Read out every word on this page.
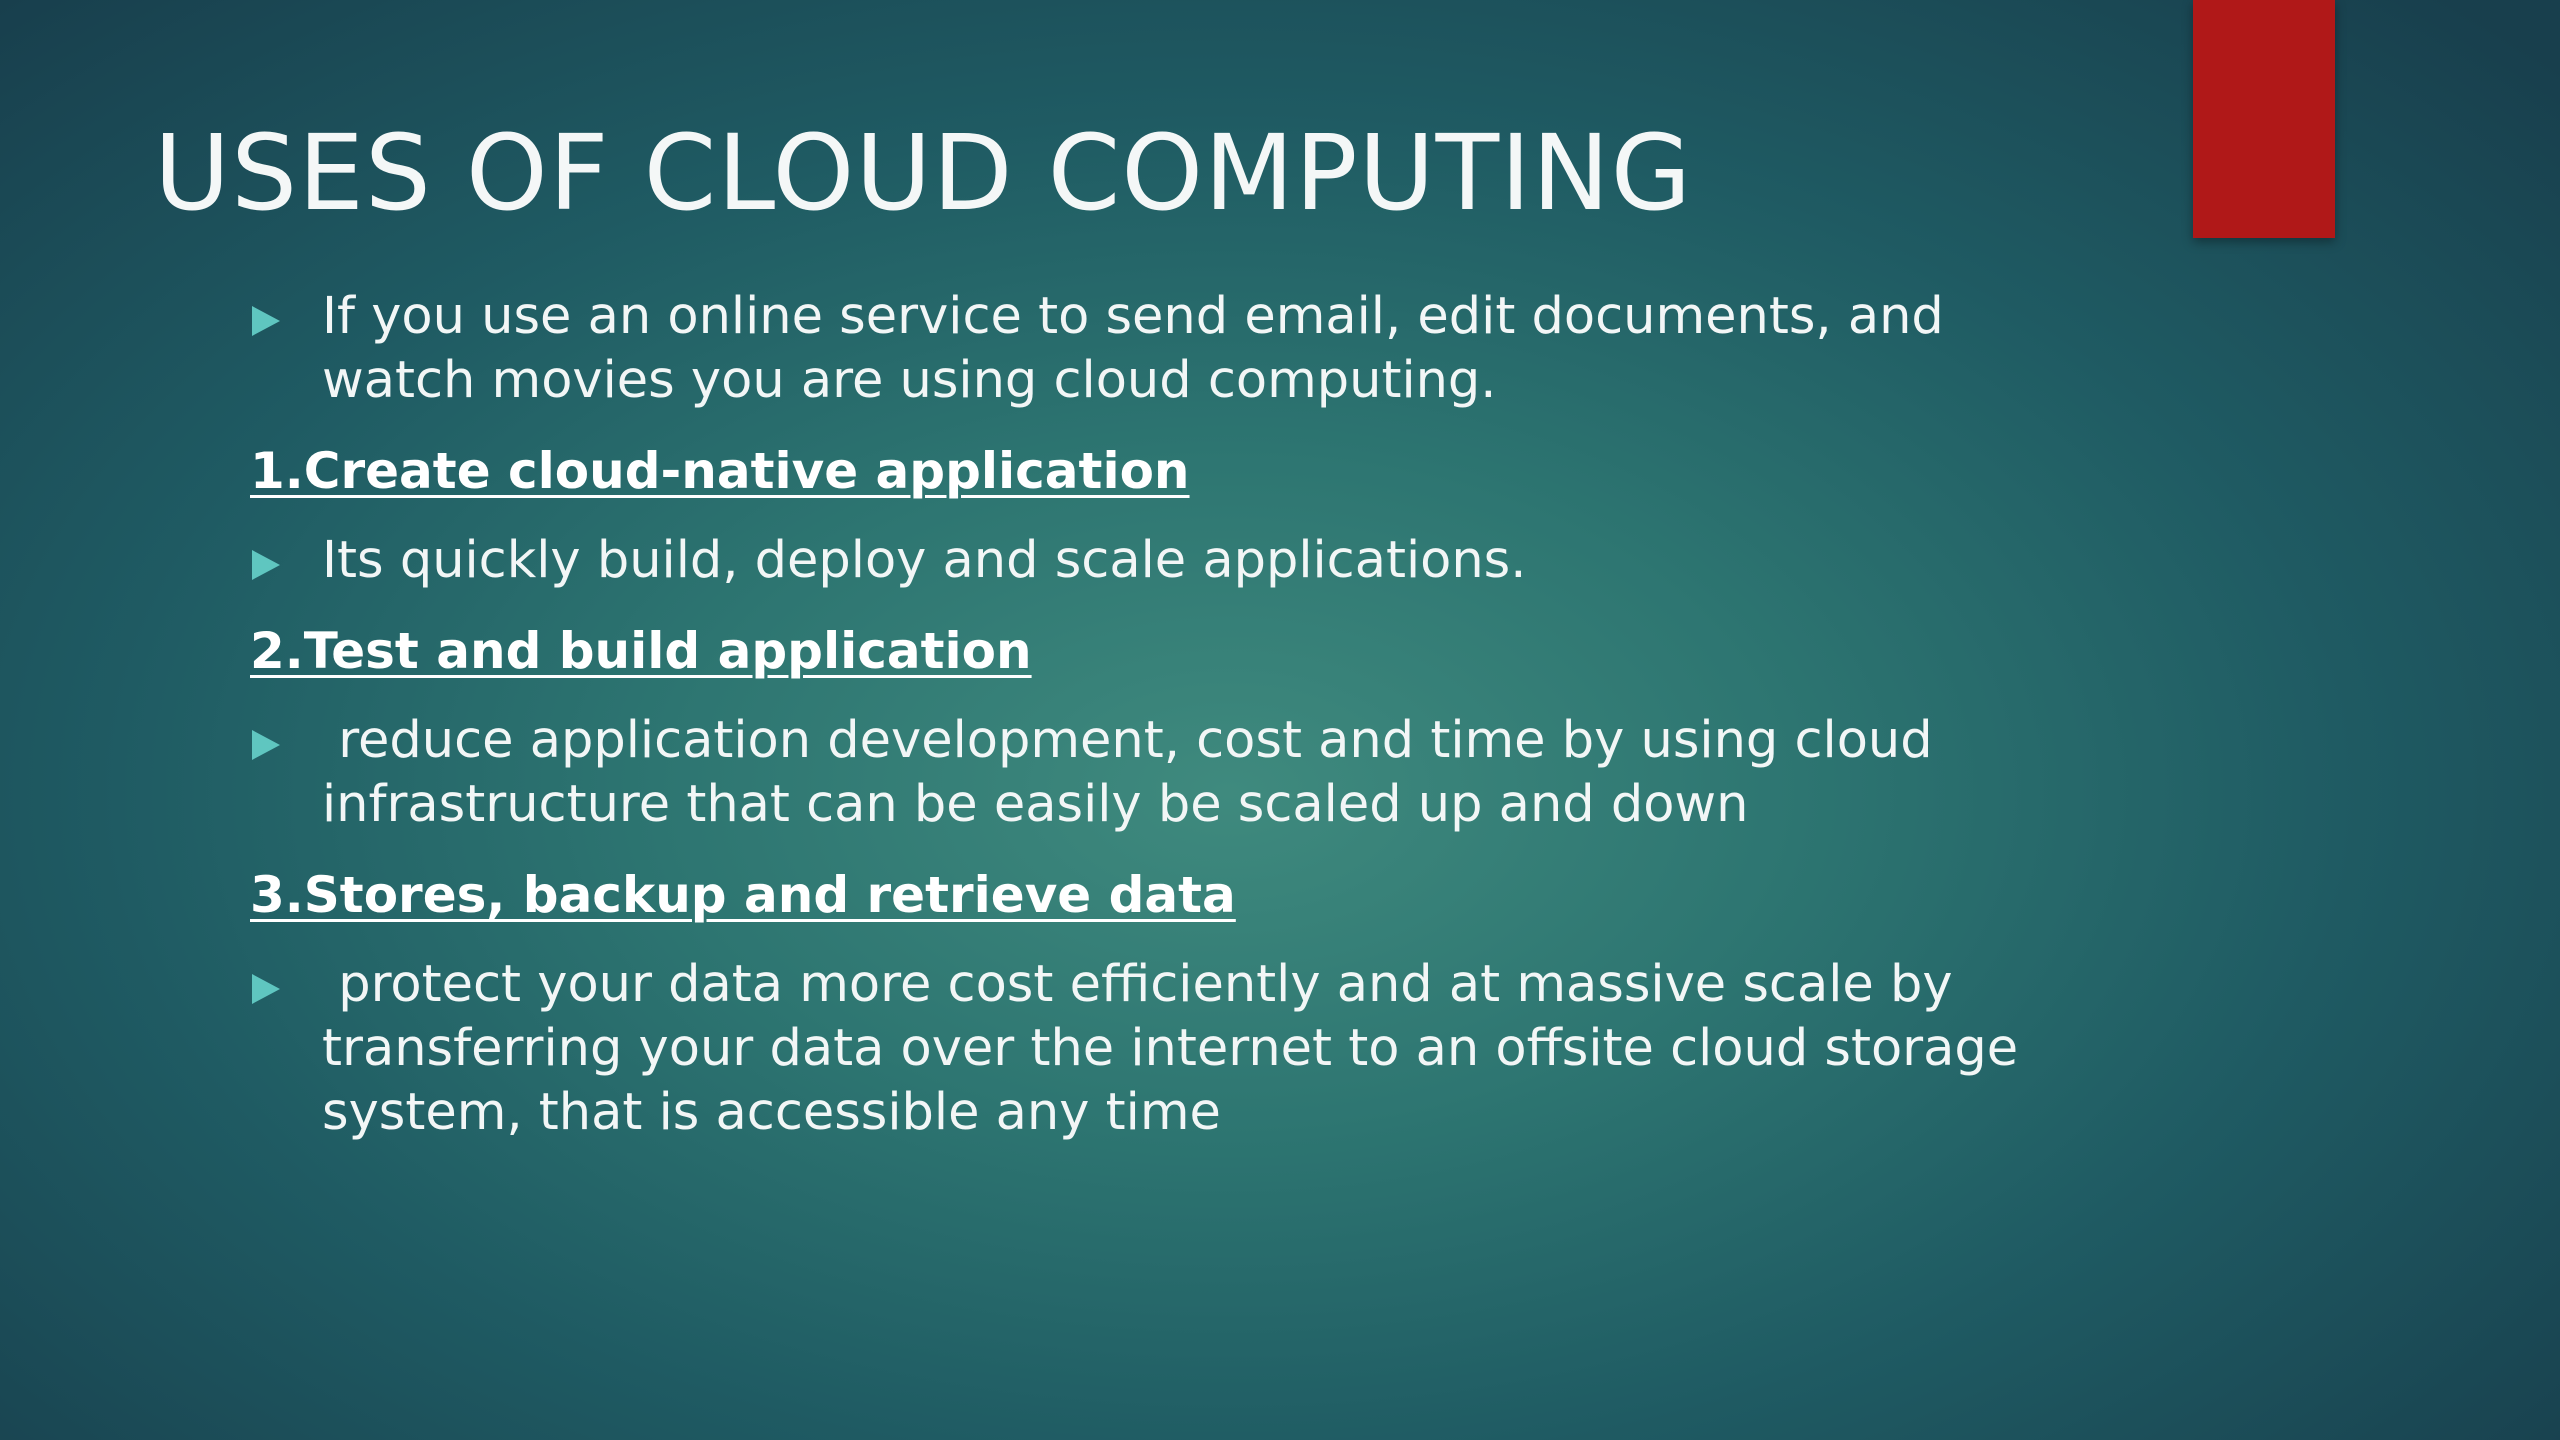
USES OF CLOUD COMPUTING
If you use an online service to send email, edit documents, and
watch movies you are using cloud computing.
1.Create cloud-native application
Its quickly build, deploy and scale applications.
2.Test and build application
reduce application development, cost and time by using cloud
infrastructure that can be easily be scaled up and down
3.Stores, backup and retrieve data
protect your data more cost efficiently and at massive scale by
transferring your data over the internet to an offsite cloud storage
system, that is accessible any time
